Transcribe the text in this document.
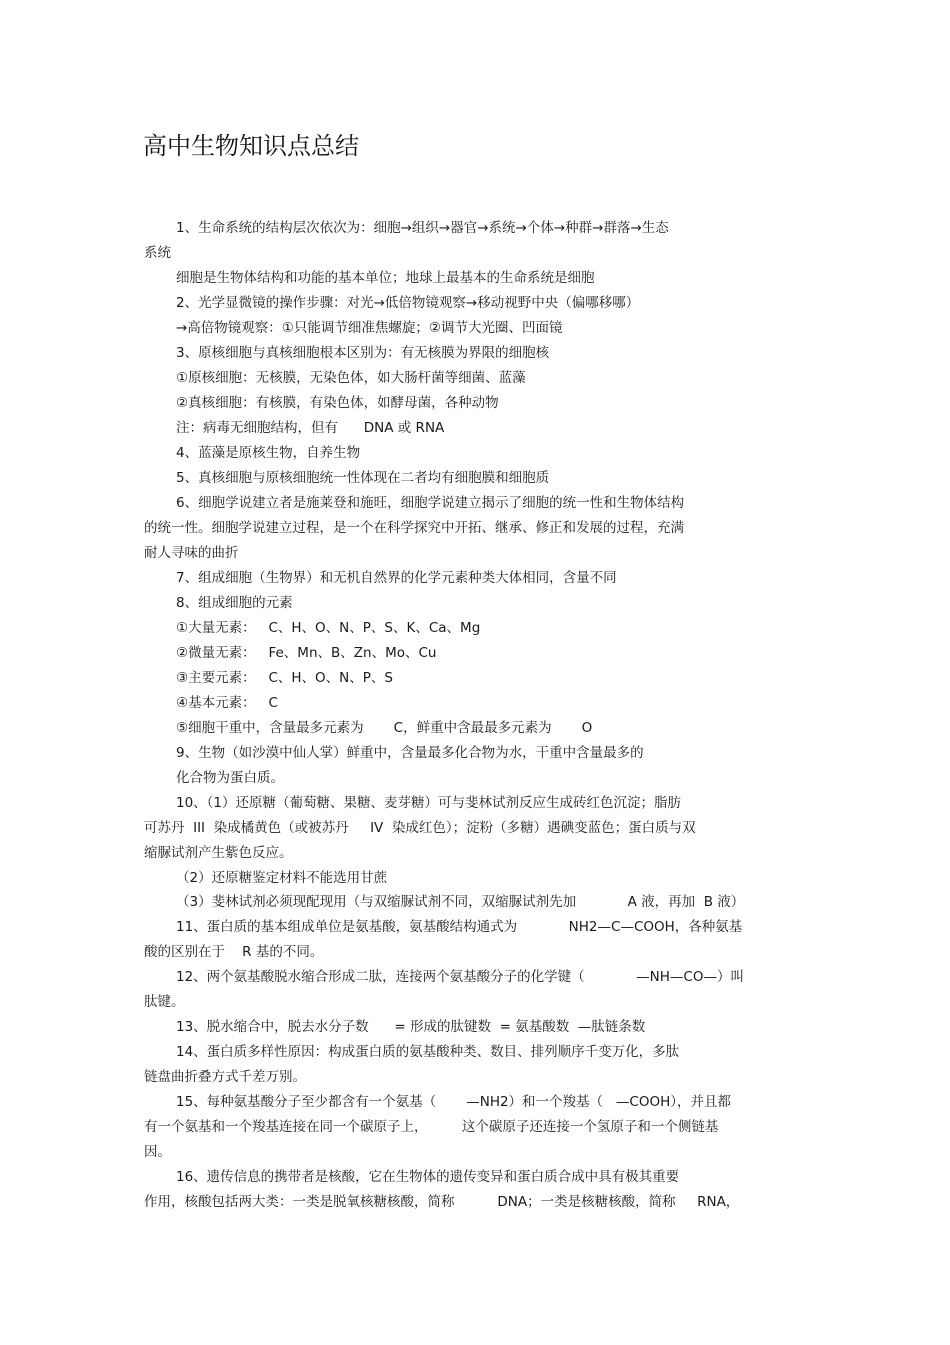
高中生物知识点总结
1、生命系统的结构层次依次为：细胞→组织→器官→系统→个体→种群→群落→生态
系统
细胞是生物体结构和功能的基本单位；地球上最基本的生命系统是细胞
2、光学显微镜的操作步骤：对光→低倍物镜观察→移动视野中央（偏哪移哪）
→高倍物镜观察：①只能调节细准焦螺旋；②调节大光圈、凹面镜
3、原核细胞与真核细胞根本区别为：有无核膜为界限的细胞核
①原核细胞：无核膜，无染色体，如大肠杆菌等细菌、蓝藻
②真核细胞：有核膜，有染色体，如酵母菌，各种动物
注：病毒无细胞结构，但有      DNA 或 RNA
4、蓝藻是原核生物，自养生物
5、真核细胞与原核细胞统一性体现在二者均有细胞膜和细胞质
6、细胞学说建立者是施莱登和施旺，细胞学说建立揭示了细胞的统一性和生物体结构
的统一性。细胞学说建立过程，是一个在科学探究中开拓、继承、修正和发展的过程，充满
耐人寻味的曲折
7、组成细胞（生物界）和无机自然界的化学元素种类大体相同，含量不同
8、组成细胞的元素
①大量无素：   C、H、O、N、P、S、K、Ca、Mg
②微量无素：   Fe、Mn、B、Zn、Mo、Cu
③主要元素：   C、H、O、N、P、S
④基本元素：   C
⑤细胞干重中，含量最多元素为       C，鲜重中含最最多元素为       O
9、生物（如沙漠中仙人掌）鲜重中，含量最多化合物为水，干重中含量最多的
化合物为蛋白质。
10、（1）还原糖（葡萄糖、果糖、麦芽糖）可与斐林试剂反应生成砖红色沉淀；脂肪
可苏丹  III  染成橘黄色（或被苏丹     IV  染成红色）；淀粉（多糖）遇碘变蓝色；蛋白质与双
缩脲试剂产生紫色反应。
（2）还原糖鉴定材料不能选用甘蔗
（3）斐林试剂必须现配现用（与双缩脲试剂不同，双缩脲试剂先加            A 液，再加  B 液）
11、蛋白质的基本组成单位是氨基酸，氨基酸结构通式为            NH2—C—COOH，各种氨基
酸的区别在于    R 基的不同。
12、两个氨基酸脱水缩合形成二肽，连接两个氨基酸分子的化学键（            —NH—CO—）叫
肽键。
13、脱水缩合中，脱去水分子数      = 形成的肽键数  = 氨基酸数  —肽链条数
14、蛋白质多样性原因：构成蛋白质的氨基酸种类、数目、排列顺序千变万化，多肽
链盘曲折叠方式千差万别。
15、每种氨基酸分子至少都含有一个氨基（       —NH2）和一个羧基（   —COOH），并且都
有一个氨基和一个羧基连接在同一个碳原子上，        这个碳原子还连接一个氢原子和一个侧链基
因。
16、遗传信息的携带者是核酸，它在生物体的遗传变异和蛋白质合成中具有极其重要
作用，核酸包括两大类：一类是脱氧核糖核酸，简称          DNA；一类是核糖核酸，简称     RNA，
